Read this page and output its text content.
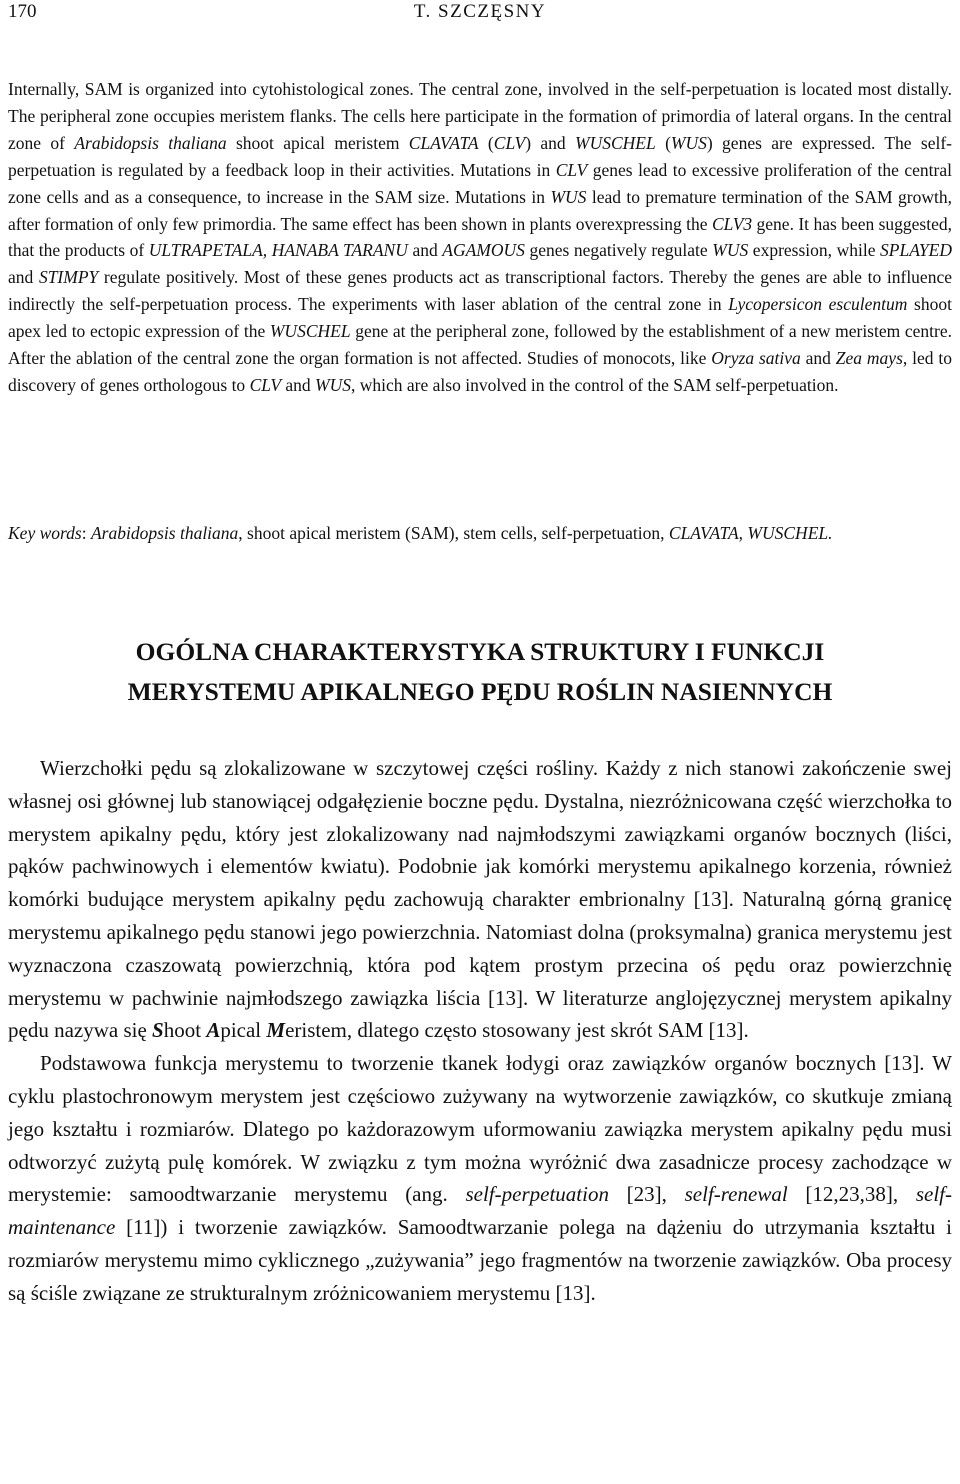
170	T. SZCZĘSNY

Internally, SAM is organized into cytohistological zones. The central zone, involved in the self-perpetuation is located most distally. The peripheral zone occupies meristem flanks. The cells here participate in the formation of primordia of lateral organs. In the central zone of Arabidopsis thaliana shoot apical meristem CLAVATA (CLV) and WUSCHEL (WUS) genes are expressed. The self-perpetuation is regulated by a feedback loop in their activities. Mutations in CLV genes lead to excessive proliferation of the central zone cells and as a consequence, to increase in the SAM size. Mutations in WUS lead to premature termination of the SAM growth, after formation of only few primordia. The same effect has been shown in plants overexpressing the CLV3 gene. It has been suggested, that the products of ULTRAPETALA, HANABA TARANU and AGAMOUS genes negatively regulate WUS expression, while SPLAYED and STIMPY regulate positively. Most of these genes products act as transcriptional factors. Thereby the genes are able to influence indirectly the self-perpetuation process. The experiments with laser ablation of the central zone in Lycopersicon esculentum shoot apex led to ectopic expression of the WUSCHEL gene at the peripheral zone, followed by the establishment of a new meristem centre. After the ablation of the central zone the organ formation is not affected. Studies of monocots, like Oryza sativa and Zea mays, led to discovery of genes orthologous to CLV and WUS, which are also involved in the control of the SAM self-perpetuation.

Key words: Arabidopsis thaliana, shoot apical meristem (SAM), stem cells, self-perpetuation, CLAVATA, WUSCHEL.

OGÓLNA CHARAKTERYSTYKA STRUKTURY I FUNKCJI
MERYSTEMU APIKALNEGO PĘDU ROŚLIN NASIENNYCH

Wierzchołki pędu są zlokalizowane w szczytowej części rośliny. Każdy z nich stanowi zakończenie swej własnej osi głównej lub stanowiącej odgałęzienie boczne pędu. Dystalna, niezróżnicowana część wierzchołka to merystem apikalny pędu, który jest zlokalizowany nad najmłodszymi zawiązkami organów bocznych (liści, pąków pachwinowych i elementów kwiatu). Podobnie jak komórki merystemu apikalnego korzenia, również komórki budujące merystem apikalny pędu zachowują charakter embrionalny [13]. Naturalną górną granicę merystemu apikalnego pędu stanowi jego powierzchnia. Natomiast dolna (proksymalna) granica merystemu jest wyznaczona czaszowatą powierzchnią, która pod kątem prostym przecina oś pędu oraz powierzchnię merystemu w pachwinie najmłodszego zawiązka liścia [13]. W literaturze anglojęzycznej merystem apikalny pędu nazywa się Shoot Apical Meristem, dlatego często stosowany jest skrót SAM [13].

Podstawowa funkcja merystemu to tworzenie tkanek łodygi oraz zawiązków organów bocznych [13]. W cyklu plastochronowym merystem jest częściowo zużywany na wytworzenie zawiązków, co skutkuje zmianą jego kształtu i rozmiarów. Dlatego po każdorazowym uformowaniu zawiązka merystem apikalny pędu musi odtworzyć zużytą pulę komórek. W związku z tym można wyróżnić dwa zasadnicze procesy zachodzące w merystemie: samoodtwarzanie merystemu (ang. self-perpetuation [23], self-renewal [12,23,38], self-maintenance [11]) i tworzenie zawiązków. Samoodtwarzanie polega na dążeniu do utrzymania kształtu i rozmiarów merystemu mimo cyklicznego „zużywania” jego fragmentów na tworzenie zawiązków. Oba procesy są ściśle związane ze strukturalnym zróżnicowaniem merystemu [13].
